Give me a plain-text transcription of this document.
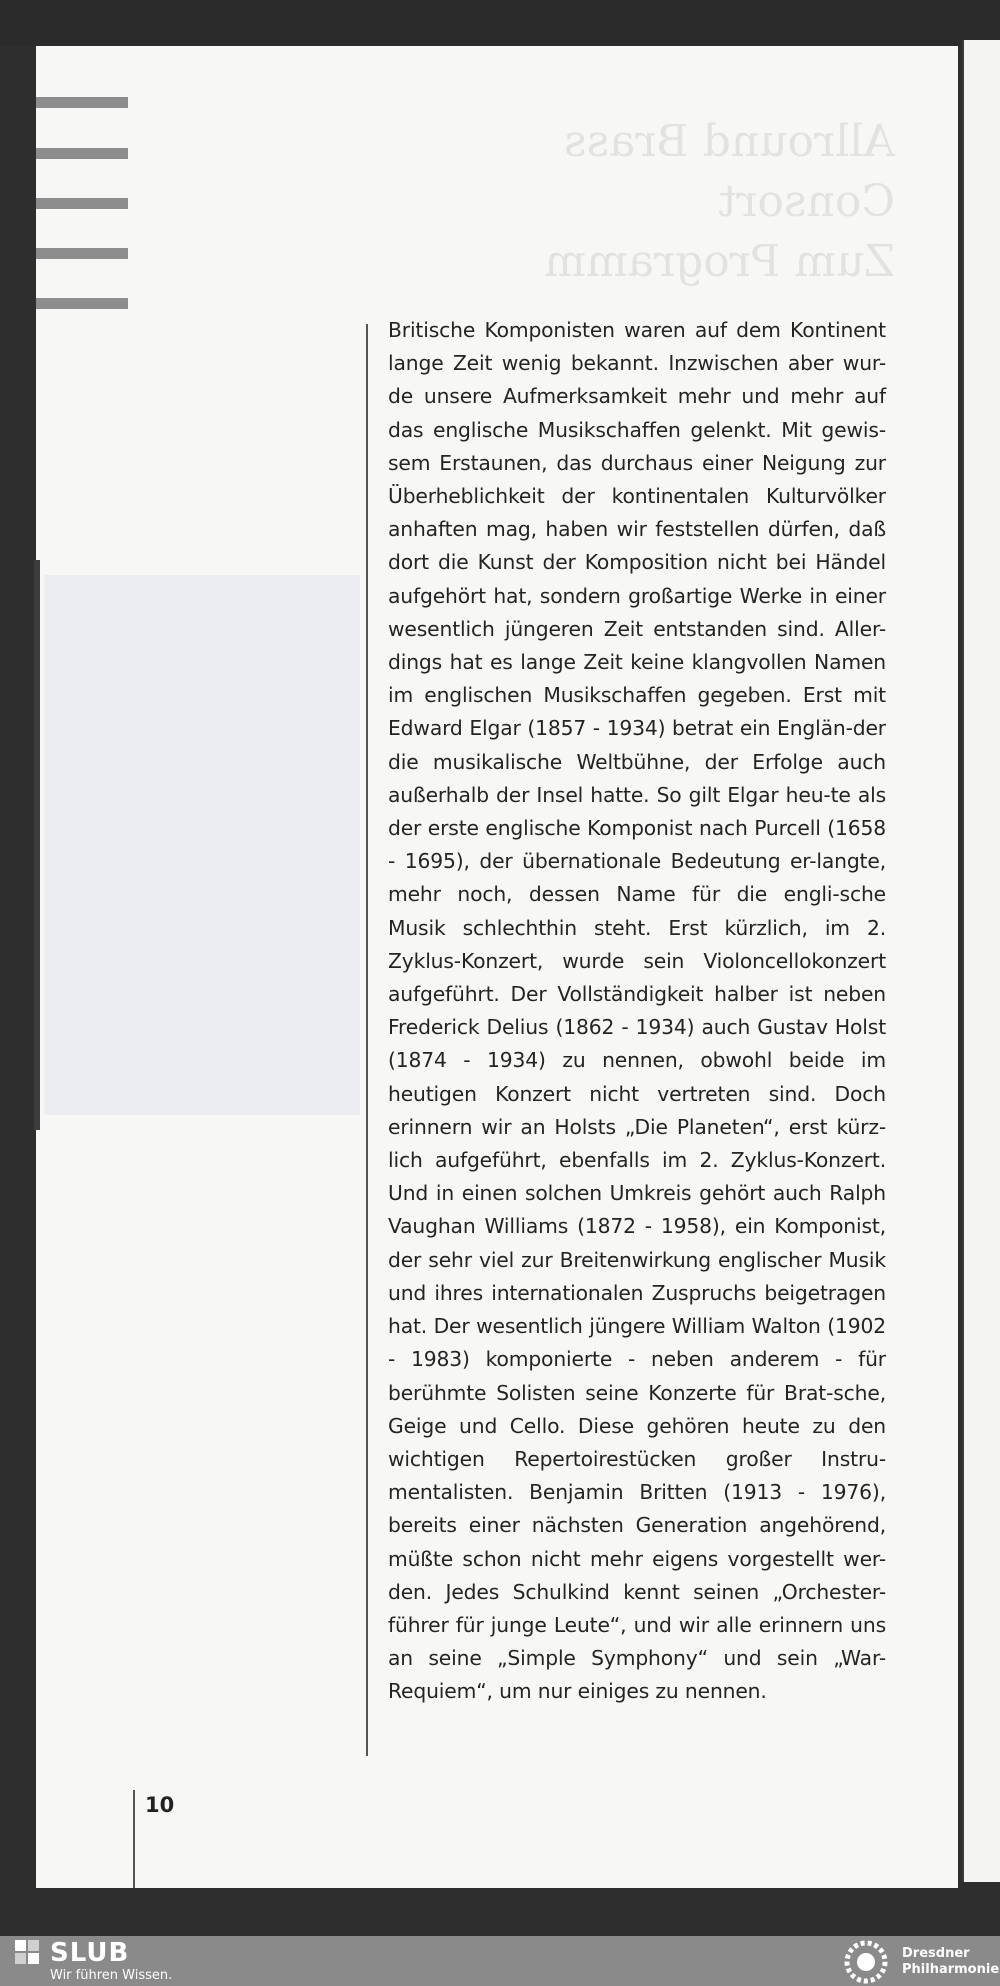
Allround Brass Consort
Zum Programm
Britische Komponisten waren auf dem Kontinent lange Zeit wenig bekannt. Inzwischen aber wur-de unsere Aufmerksamkeit mehr und mehr auf das englische Musikschaffen gelenkt. Mit gewis-sem Erstaunen, das durchaus einer Neigung zur Überheblichkeit der kontinentalen Kulturvölker anhaften mag, haben wir feststellen dürfen, daß dort die Kunst der Komposition nicht bei Händel aufgehört hat, sondern großartige Werke in einer wesentlich jüngeren Zeit entstanden sind. Aller-dings hat es lange Zeit keine klangvollen Namen im englischen Musikschaffen gegeben. Erst mit Edward Elgar (1857 - 1934) betrat ein Englän-der die musikalische Weltbühne, der Erfolge auch außerhalb der Insel hatte. So gilt Elgar heu-te als der erste englische Komponist nach Purcell (1658 - 1695), der übernationale Bedeutung er-langte, mehr noch, dessen Name für die engli-sche Musik schlechthin steht. Erst kürzlich, im 2. Zyklus-Konzert, wurde sein Violoncellokonzert aufgeführt. Der Vollständigkeit halber ist neben Frederick Delius (1862 - 1934) auch Gustav Holst (1874 - 1934) zu nennen, obwohl beide im heutigen Konzert nicht vertreten sind. Doch erinnern wir an Holsts „Die Planeten“, erst kürz-lich aufgeführt, ebenfalls im 2. Zyklus-Konzert. Und in einen solchen Umkreis gehört auch Ralph Vaughan Williams (1872 - 1958), ein Komponist, der sehr viel zur Breitenwirkung englischer Musik und ihres internationalen Zuspruchs beigetragen hat. Der wesentlich jüngere William Walton (1902 - 1983) komponierte - neben anderem - für berühmte Solisten seine Konzerte für Brat-sche, Geige und Cello. Diese gehören heute zu den wichtigen Repertoirestücken großer Instru-mentalisten. Benjamin Britten (1913 - 1976), bereits einer nächsten Generation angehörend, müßte schon nicht mehr eigens vorgestellt wer-den. Jedes Schulkind kennt seinen „Orchester-führer für junge Leute“, und wir alle erinnern uns an seine „Simple Symphony“ und sein „War-Requiem“, um nur einiges zu nennen.
10
SLUB
Wir führen Wissen.
Dresdner
Philharmonie
